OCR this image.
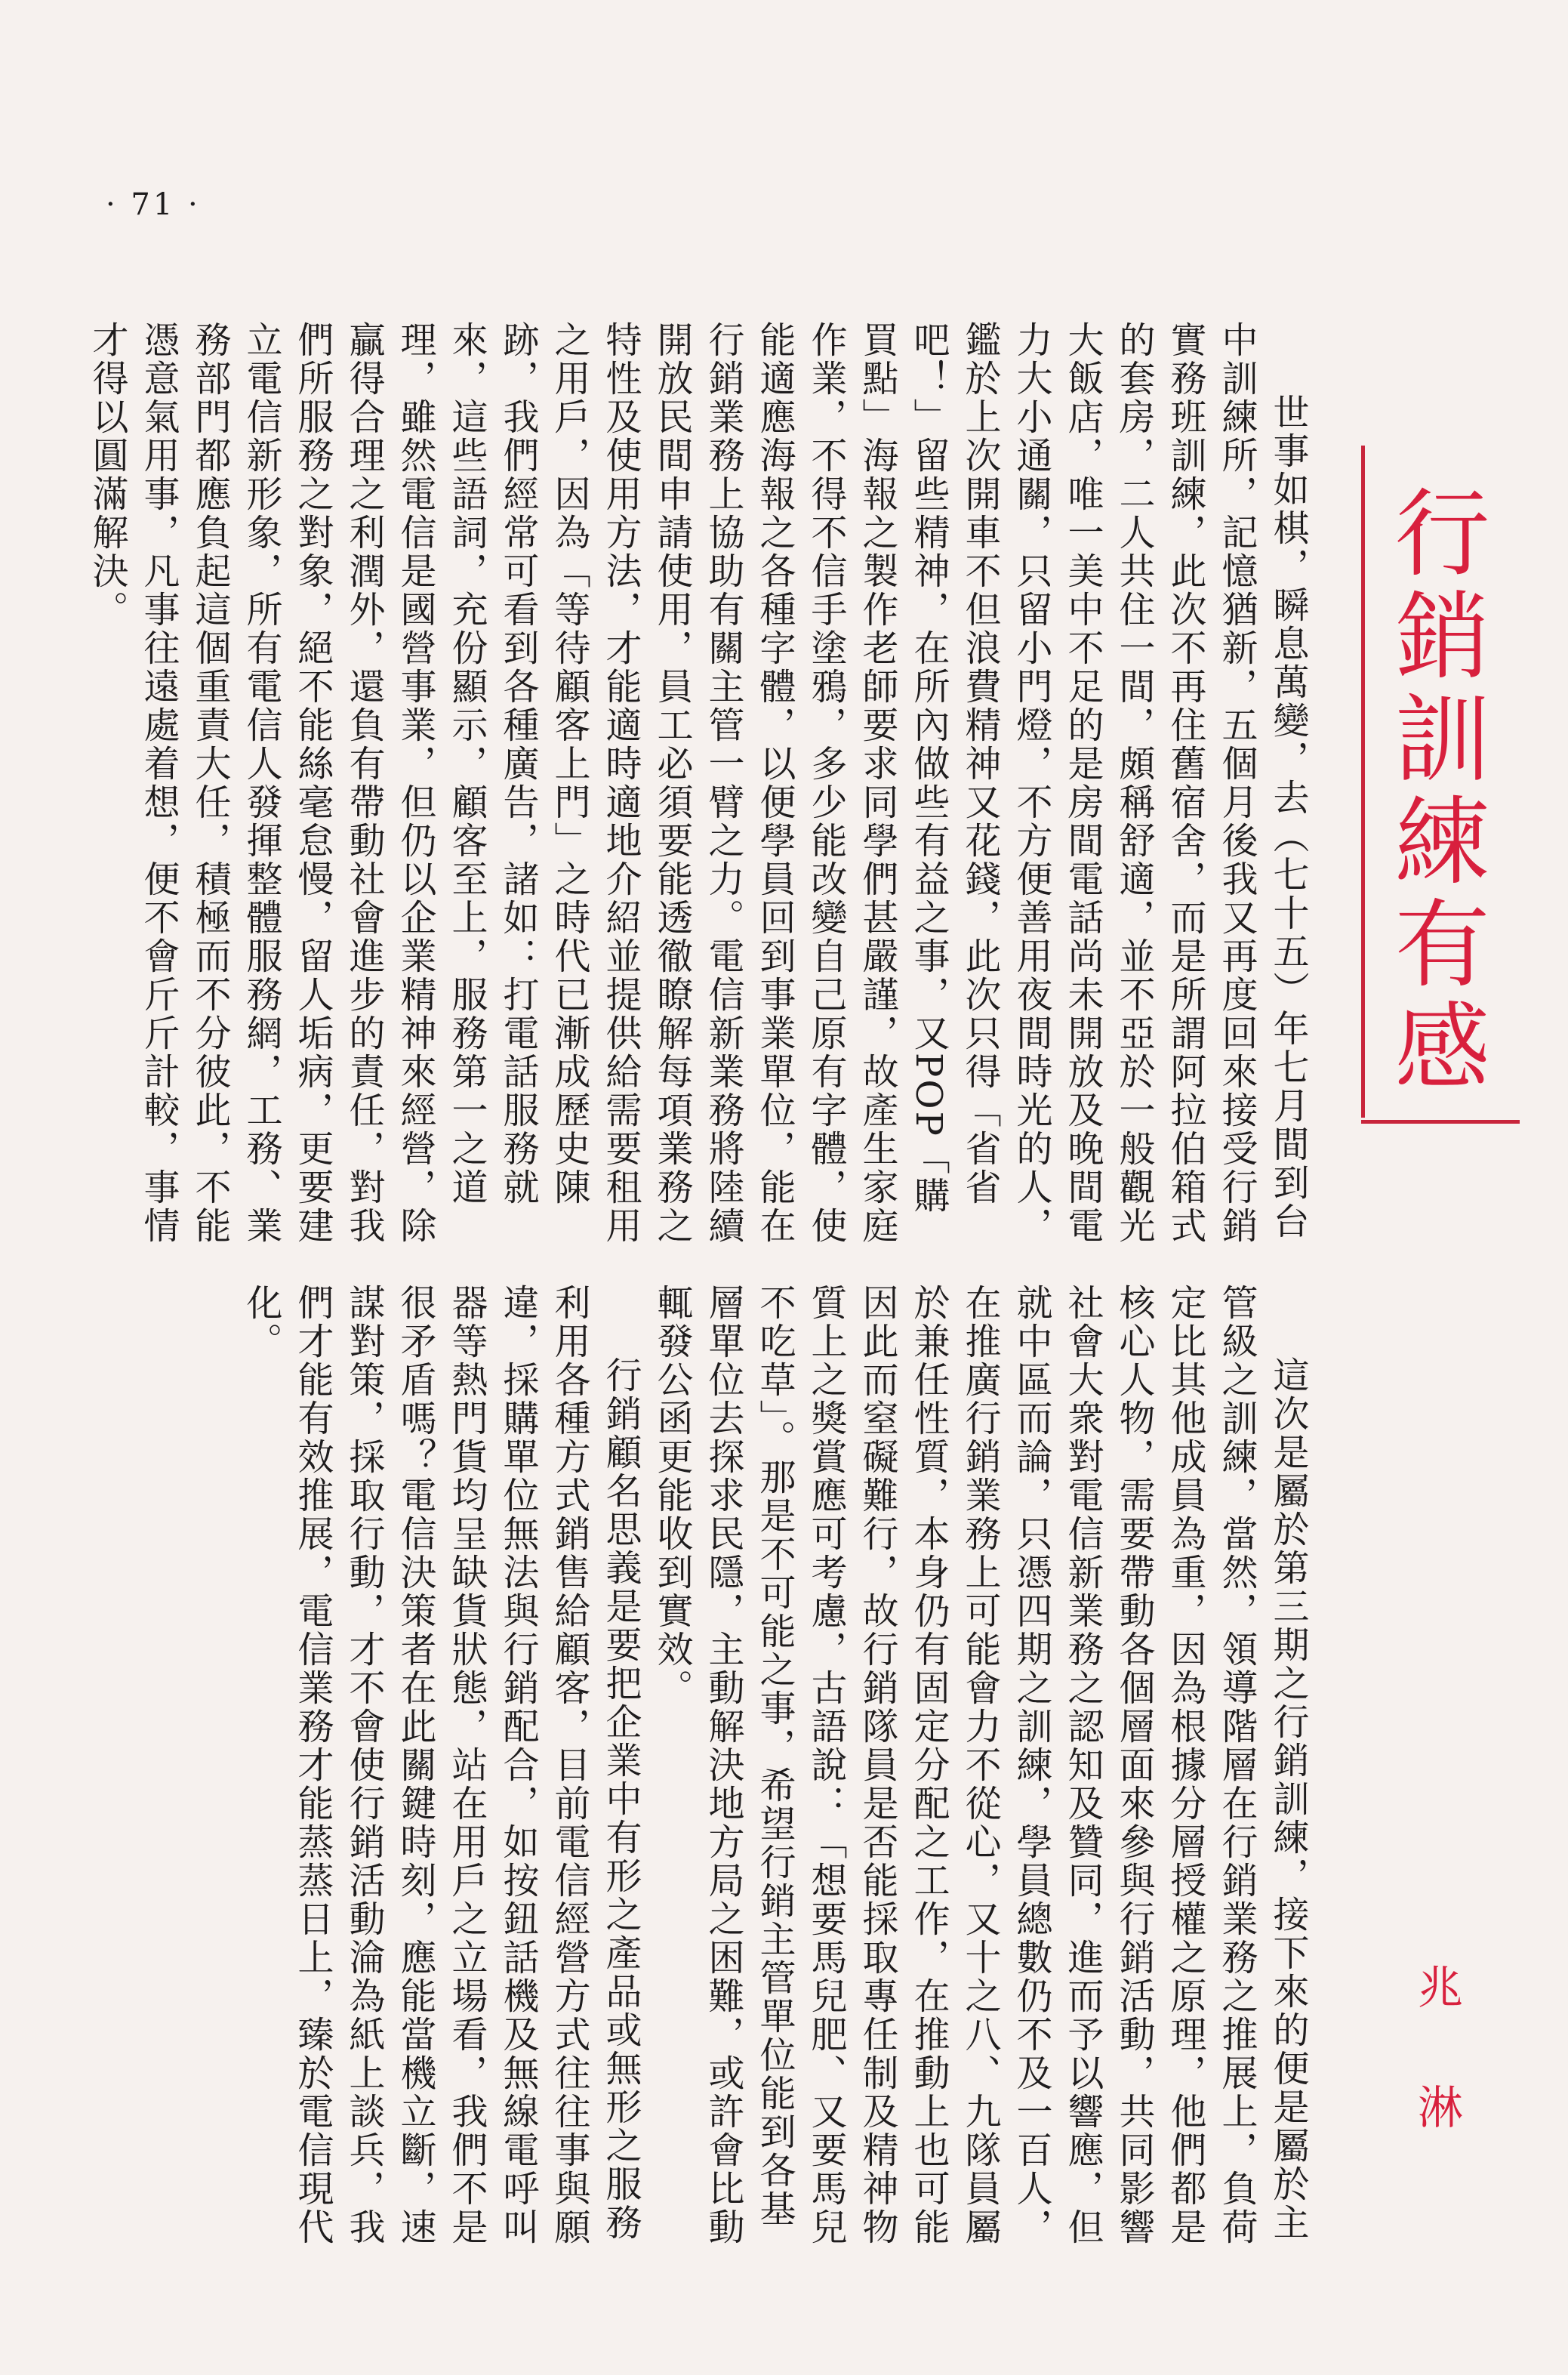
· 71 ·
行銷訓練有感
兆 淋

世事如棋，瞬息萬變，去（七十五）年七月間到台中訓練所，記憶猶新，五個月後我又再度回來接受行銷實務班訓練，此次不再住舊宿舍，而是所謂阿拉伯箱式的套房，二人共住一間，頗稱舒適，並不亞於一般觀光大飯店，唯一美中不足的是房間電話尚未開放及晚間電力大小通關，只留小門燈，不方便善用夜間時光的人，鑑於上次開車不但浪費精神又花錢，此次只得「省省吧！」留些精神，在所內做些有益之事，又POP「購買點」海報之製作老師要求同學們甚嚴謹，故產生家庭作業，不得不信手塗鴉，多少能改變自己原有字體，使能適應海報之各種字體，以便學員回到事業單位，能在行銷業務上協助有關主管一臂之力。電信新業務將陸續開放民間申請使用，員工必須要能透徹瞭解每項業務之特性及使用方法，才能適時適地介紹並提供給需要租用之用戶，因為「等待顧客上門」之時代已漸成歷史陳跡，我們經常可看到各種廣告，諸如：打電話服務就來，這些語詞，充份顯示，顧客至上，服務第一之道理，雖然電信是國營事業，但仍以企業精神來經營，除贏得合理之利潤外，還負有帶動社會進步的責任，對我們所服務之對象，絕不能絲毫怠慢，留人垢病，更要建立電信新形象，所有電信人發揮整體服務網，工務、業務部門都應負起這個重責大任，積極而不分彼此，不能憑意氣用事，凡事往遠處着想，便不會斤斤計較，事情才得以圓滿解決。

這次是屬於第三期之行銷訓練，接下來的便是屬於主管級之訓練，當然，領導階層在行銷業務之推展上，負荷定比其他成員為重，因為根據分層授權之原理，他們都是核心人物，需要帶動各個層面來參與行銷活動，共同影響社會大衆對電信新業務之認知及贊同，進而予以響應，但就中區而論，只憑四期之訓練，學員總數仍不及一百人，在推廣行銷業務上可能會力不從心，又十之八、九隊員屬於兼任性質，本身仍有固定分配之工作，在推動上也可能因此而窒礙難行，故行銷隊員是否能採取專任制及精神物質上之獎賞應可考慮，古語說：「想要馬兒肥、又要馬兒不吃草」。那是不可能之事，希望行銷主管單位能到各基層單位去探求民隱，主動解決地方局之困難，或許會比動輒發公函更能收到實效。

行銷顧名思義是要把企業中有形之產品或無形之服務利用各種方式銷售給顧客，目前電信經營方式往往事與願違，採購單位無法與行銷配合，如按鈕話機及無線電呼叫器等熱門貨均呈缺貨狀態，站在用戶之立場看，我們不是很矛盾嗎？電信決策者在此關鍵時刻，應能當機立斷，速謀對策，採取行動，才不會使行銷活動淪為紙上談兵，我們才能有效推展，電信業務才能蒸蒸日上，臻於電信現代化。
